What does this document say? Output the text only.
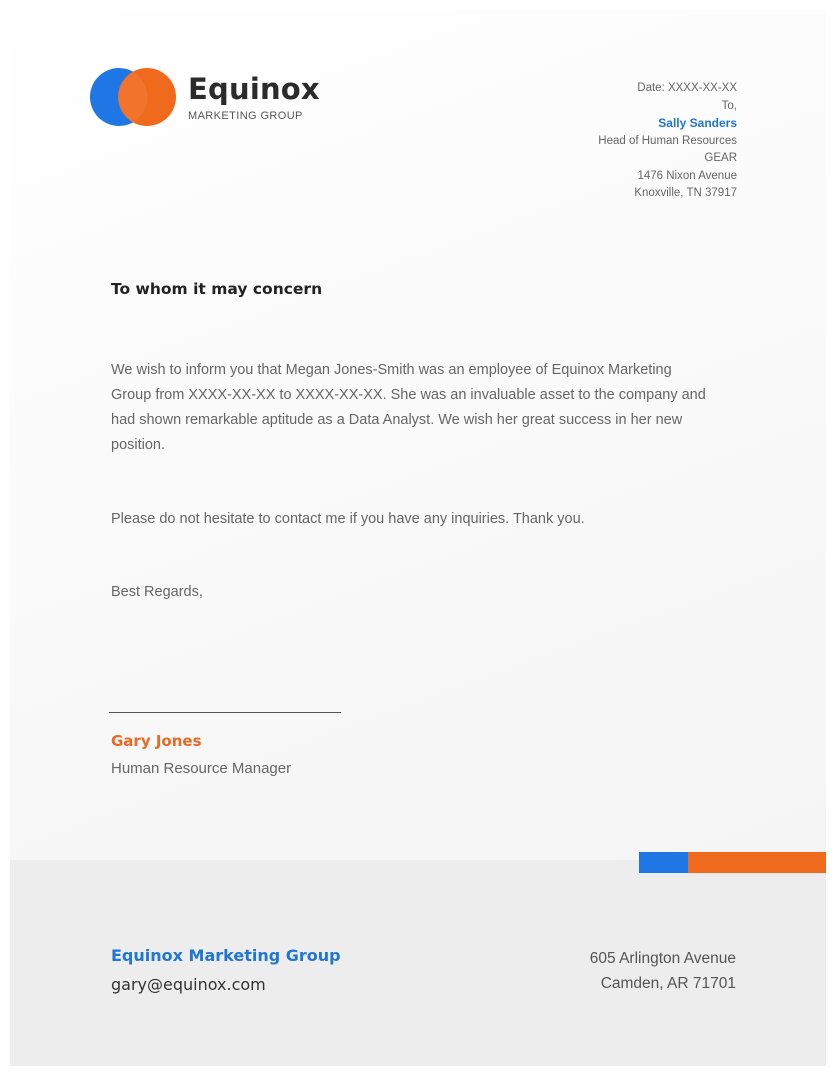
Equinox
MARKETING GROUP
Date: XXXX-XX-XX
To,
Sally Sanders
Head of Human Resources
GEAR
1476 Nixon Avenue
Knoxville, TN 37917
To whom it may concern
We wish to inform you that Megan Jones-Smith was an employee of Equinox Marketing Group from XXXX-XX-XX to XXXX-XX-XX. She was an invaluable asset to the company and had shown remarkable aptitude as a Data Analyst. We wish her great success in her new position.
Please do not hesitate to contact me if you have any inquiries. Thank you.
Best Regards,
Gary Jones
Human Resource Manager
Equinox Marketing Group
gary@equinox.com
605 Arlington Avenue
Camden, AR 71701
